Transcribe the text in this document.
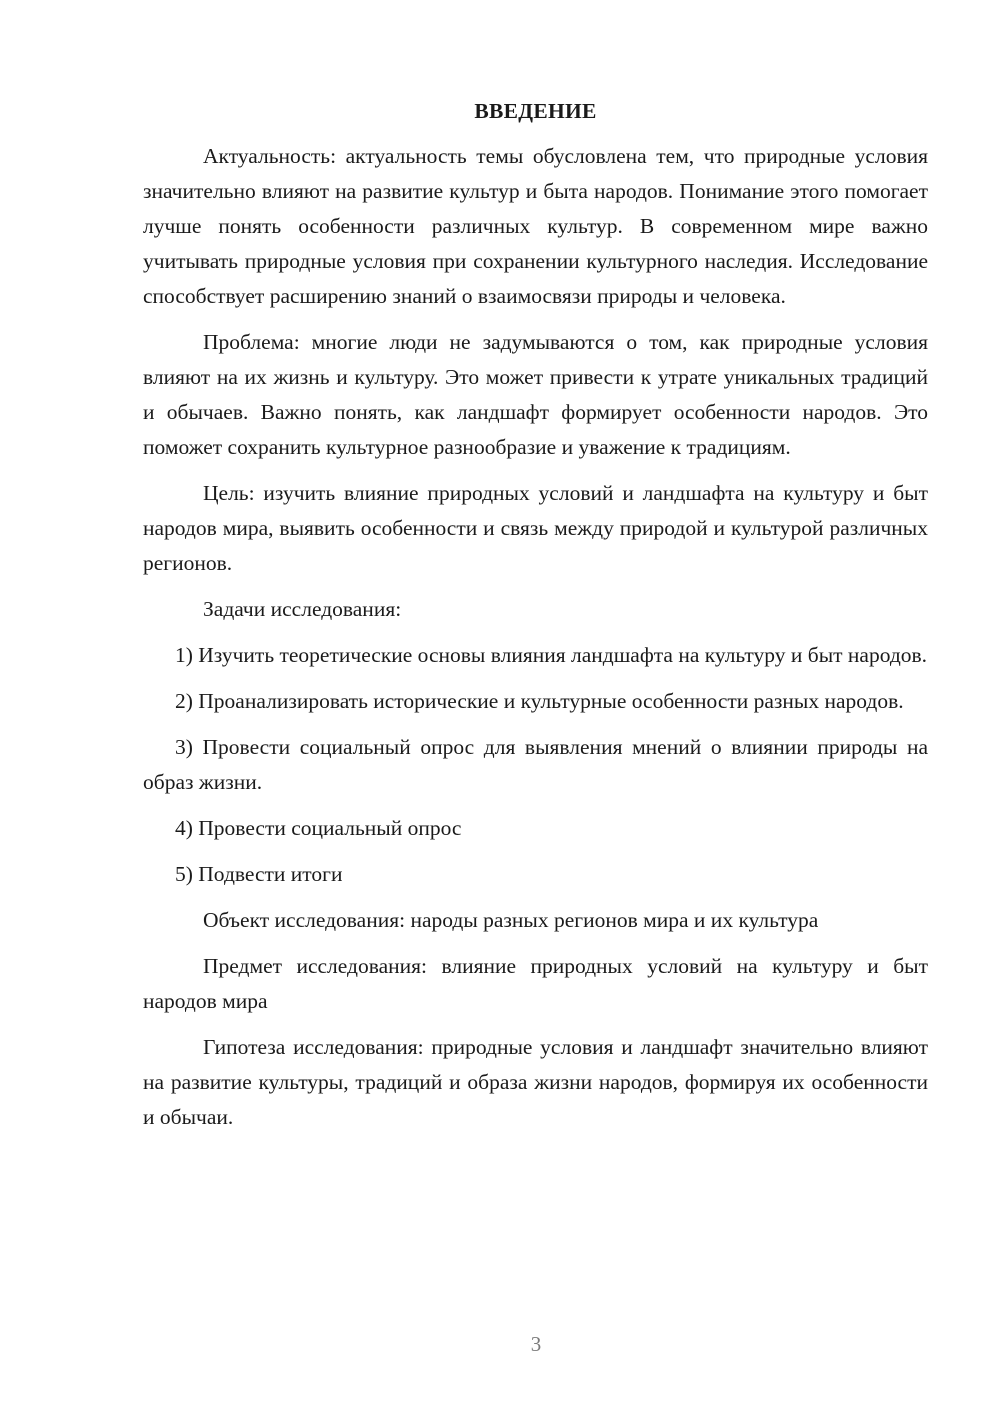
ВВЕДЕНИЕ

Актуальность: актуальность темы обусловлена тем, что природные условия значительно влияют на развитие культур и быта народов. Понимание этого помогает лучше понять особенности различных культур. В современном мире важно учитывать природные условия при сохранении культурного наследия. Исследование способствует расширению знаний о взаимосвязи природы и человека.

Проблема: многие люди не задумываются о том, как природные условия влияют на их жизнь и культуру. Это может привести к утрате уникальных традиций и обычаев. Важно понять, как ландшафт формирует особенности народов. Это поможет сохранить культурное разнообразие и уважение к традициям.

Цель: изучить влияние природных условий и ландшафта на культуру и быт народов мира, выявить особенности и связь между природой и культурой различных регионов.

Задачи исследования:

1) Изучить теоретические основы влияния ландшафта на культуру и быт народов.

2) Проанализировать исторические и культурные особенности разных народов.

3) Провести социальный опрос для выявления мнений о влиянии природы на образ жизни.

4) Провести социальный опрос

5) Подвести итоги

Объект исследования: народы разных регионов мира и их культура

Предмет исследования: влияние природных условий на культуру и быт народов мира

Гипотеза исследования: природные условия и ландшафт значительно влияют на развитие культуры, традиций и образа жизни народов, формируя их особенности и обычаи.

3
